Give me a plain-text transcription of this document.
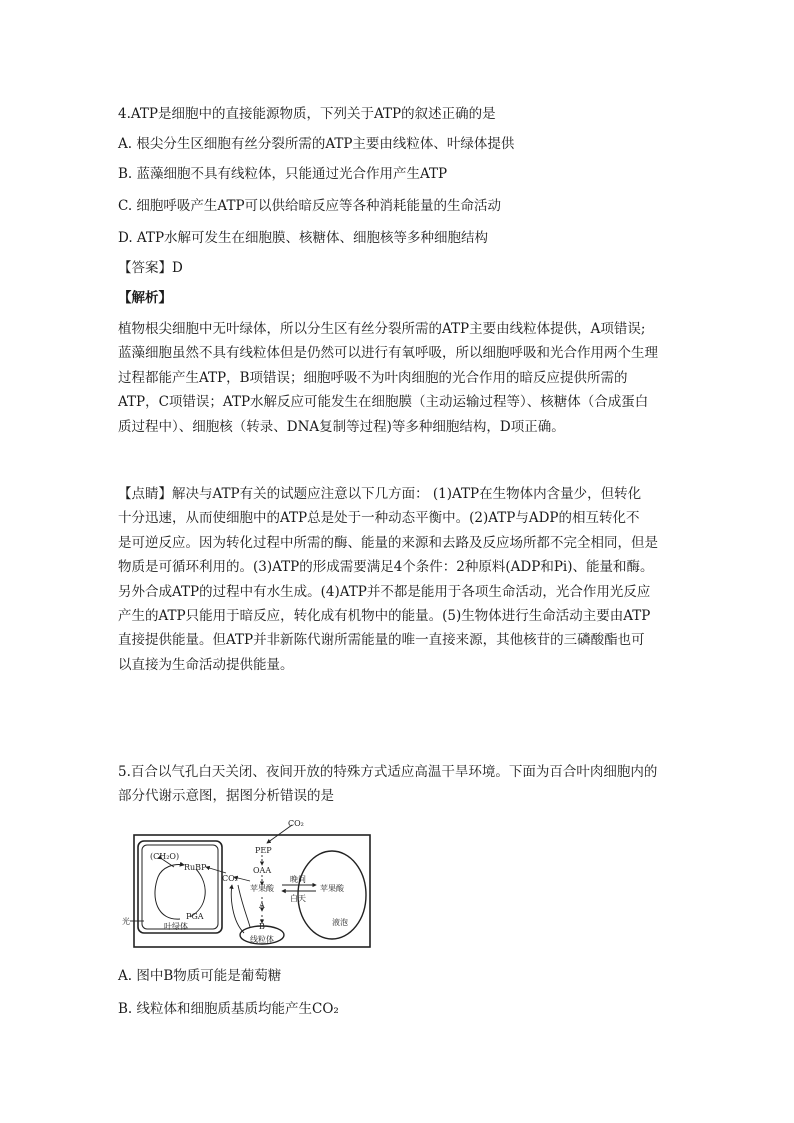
4.ATP是细胞中的直接能源物质，下列关于ATP的叙述正确的是
A. 根尖分生区细胞有丝分裂所需的ATP主要由线粒体、叶绿体提供
B. 蓝藻细胞不具有线粒体，只能通过光合作用产生ATP
C. 细胞呼吸产生ATP可以供给暗反应等各种消耗能量的生命活动
D. ATP水解可发生在细胞膜、核糖体、细胞核等多种细胞结构
【答案】D
【解析】
植物根尖细胞中无叶绿体，所以分生区有丝分裂所需的ATP主要由线粒体提供，A项错误;
蓝藻细胞虽然不具有线粒体但是仍然可以进行有氧呼吸，所以细胞呼吸和光合作用两个生理
过程都能产生ATP，B项错误；细胞呼吸不为叶肉细胞的光合作用的暗反应提供所需的
ATP，C项错误；ATP水解反应可能发生在细胞膜（主动运输过程等）、核糖体（合成蛋白
质过程中）、细胞核（转录、DNA复制等过程)等多种细胞结构，D项正确。
【点睛】解决与ATP有关的试题应注意以下几方面： (1)ATP在生物体内含量少，但转化
十分迅速，从而使细胞中的ATP总是处于一种动态平衡中。(2)ATP与ADP的相互转化不
是可逆反应。因为转化过程中所需的酶、能量的来源和去路及反应场所都不完全相同，但是
物质是可循环利用的。(3)ATP的形成需要满足4个条件：2种原料(ADP和Pi)、能量和酶。
另外合成ATP的过程中有水生成。(4)ATP并不都是能用于各项生命活动，光合作用光反应
产生的ATP只能用于暗反应，转化成有机物中的能量。(5)生物体进行生命活动主要由ATP
直接提供能量。但ATP并非新陈代谢所需能量的唯一直接来源，其他核苷的三磷酸酯也可
以直接为生命活动提供能量。
5.百合以气孔白天关闭、夜间开放的特殊方式适应高温干旱环境。下面为百合叶肉细胞内的
部分代谢示意图，据图分析错误的是
CO₂
PEP
OAA
(CH₂O)
RuBP
CO₂
PGA
光
叶绿体
苹果酸
晚间
白天
苹果酸
液泡
A
B
线粒体
A. 图中B物质可能是葡萄糖
B. 线粒体和细胞质基质均能产生CO₂
